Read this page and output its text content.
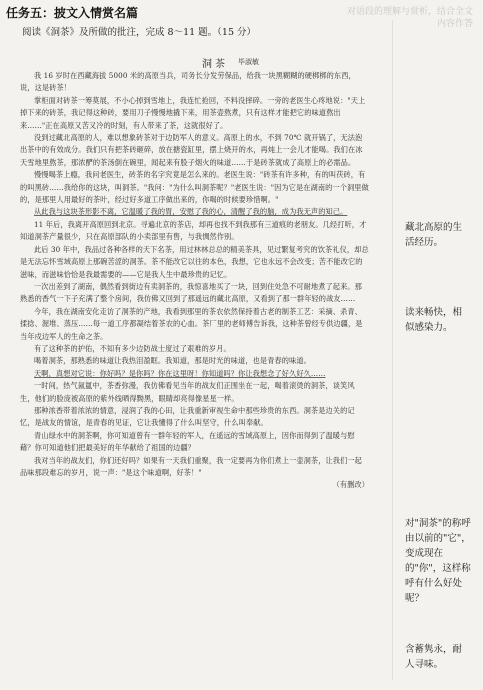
任务五：披文入情赏名篇
阅读《洞茶》及所做的批注，完成 8～11 题。（15 分）
对语段的理解与赏析，结合全文内容作答
洞茶 毕淑敏

我 16 岁时在西藏海拔 5000 米的高原当兵，司务长分发劳保品，给我一块黑糊糊的硬梆梆的东西，说，这是砖茶！

掌柜面对砖茶一筹莫展，不小心掉到雪地上，我连忙抢回，不料没摔碎。一旁的老医生心疼地说："天上掉下来的砖茶，我记得这种砖，要用刀子慢慢地撬下来，用茶壶熬煮，只有这样才能把它的味道熬出来……"正在高原又苦又冷的时刻，有人带来了茶，这就很好了。

没到过藏北高原的人，难以想象砖茶对于边防军人的意义。高原上的水，不到 70℃ 就开锅了，无法泡出茶中的有效成分。我们只有把茶砖砸碎，放在搪瓷缸里，摆上烧开的水，再炖上一会儿才能喝。我们在冰天雪地里熬茶，那浓酽的茶汤倒在碗里，闻起来有股子烟火的味道……于是砖茶就成了高原上的必需品。

慢慢喝茶上瘾，我问老医生，砖茶的名字究竟是怎么来的。老医生说："砖茶有许多种，有的叫茯砖，有的叫黑砖……我给你的这块，叫洞茶。"我问："为什么叫洞茶呢？"老医生说："因为它是在湖南的一个洞里做的，是那里人用最好的茶叶，经过好多道工序做出来的，你喝的时候要珍惜啊。"

从此我与这块茶形影不离，它温暖了我的胃，安慰了我的心，清醒了我的脑，成为我无声的知己。

11 年后，我离开高原回到北京。寻遍北京的茶店，却再也找不到我那有三道痕的老朋友。几经打听，才知道洞茶产量很少，只在高原部队的小卖部里有售，与我惆然作别。

此后 30 年中，我品过各种各样的天下名茶，用过林林总总的精美茶具，见过繁复考究的饮茶礼仪，却总是无法忘怀雪域高原上那碗苦涩的洞茶。茶不能改它以往的本色，我想，它也永远不会改变；苦不能改它的滋味，而滋味恰恰是我最需要的——它是我人生中最珍贵的记忆。

一次出差到了湖南，偶然看到街边有卖洞茶的，我惊喜地买了一块，回到住处急不可耐地煮了起来。那熟悉的香气一下子充满了整个房间，我仿佛又回到了那遥远的藏北高原，又看到了那一群年轻的战友……

今年，我在湖南安化走访了洞茶的产地，我看到那里的茶农依然保持着古老的制茶工艺：采摘、杀青、揉捻、渥堆、蒸压……每一道工序都凝结着茶农的心血。茶厂里的老师傅告诉我，这种茶曾经专供边疆，是当年戍边军人的生命之茶。

有了这种茶的护佑，不知有多少边防战士度过了艰难的岁月。

喝着洞茶，那熟悉的味道让我热泪盈眶。我知道，那是时光的味道，也是青春的味道。

天啊，真想对它说：你好吗？是你吗？你在这里呀！你知道吗？你让我想念了好久好久……

一时间，热气氤氲中，茶香弥漫，我仿佛看见当年的战友们正围坐在一起，喝着滚烫的洞茶，谈笑风生，他们的脸庞被高原的紫外线晒得黝黑，眼睛却亮得像星星一样。

那种浓香带着浓浓的情意，浸润了我的心田，让我重新审视生命中那些珍贵的东西。洞茶是边关的记忆，是战友的情谊，是青春的见证，它让我懂得了什么叫坚守，什么叫奉献。

青山绿水中的洞茶啊，你可知道曾有一群年轻的军人，在遥远的雪域高原上，因你而得到了温暖与慰藉？你可知道他们把最美好的年华献给了祖国的边疆？

我对当年的战友们，你们还好吗？如果有一天我们重聚，我一定要再为你们煮上一壶洞茶，让我们一起品味那段难忘的岁月，说一声："是这个味道啊，好茶！"

（有删改）

藏北高原的生活经历。
读来畅快，相似感染力。
对"洞茶"的称呼由以前的"它"，变成现在的"你"，这样称呼有什么好处呢？
含蓄隽永，耐人寻味。
